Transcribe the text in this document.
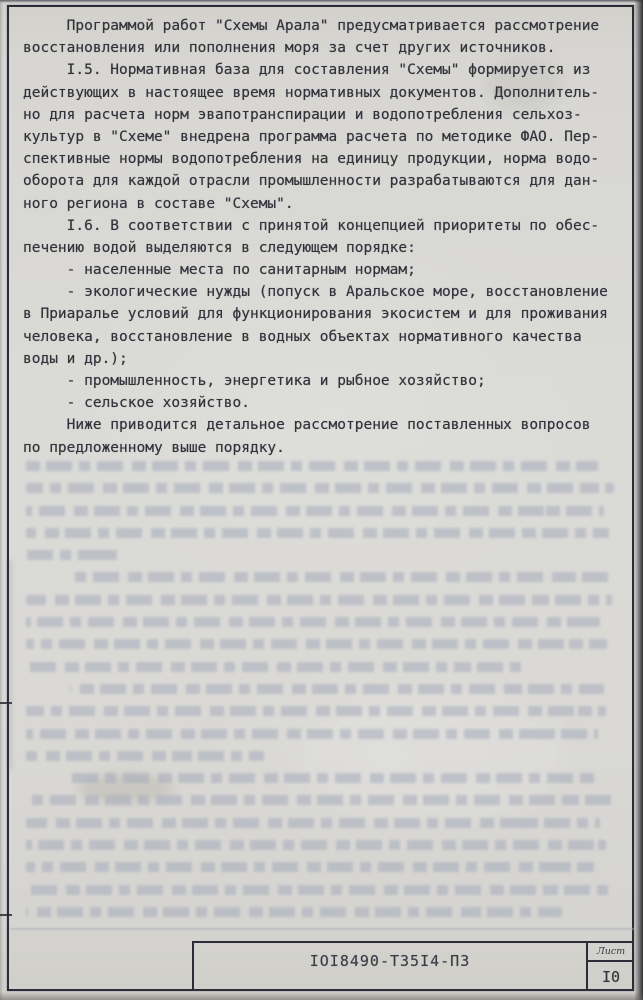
Программой работ "Схемы Арала" предусматривается рассмотрение
восстановления или пополнения моря за счет других источников.
I.5. Нормативная база для составления "Схемы" формируется из
действующих в настоящее время нормативных документов. Дополнитель-
но для расчета норм эвапотранспирации и водопотребления сельхоз-
культур в "Схеме" внедрена программа расчета по методике ФАО. Пер-
спективные нормы водопотребления на единицу продукции, норма водо-
оборота для каждой отрасли промышленности разрабатываются для дан-
ного региона в составе "Схемы".
I.6. В соответствии с принятой концепцией приоритеты по обес-
печению водой выделяются в следующем порядке:
- населенные места по санитарным нормам;
- экологические нужды (попуск в Аральское море, восстановление
в Приаралье условий для функционирования экосистем и для проживания
человека, восстановление в водных объектах нормативного качества
воды и др.);
- промышленность, энергетика и рыбное хозяйство;
- сельское хозяйство.
Ниже приводится детальное рассмотрение поставленных вопросов
по предложенному выше порядку.
IOI8490-Т35I4-ПЗ
Лист
I0
